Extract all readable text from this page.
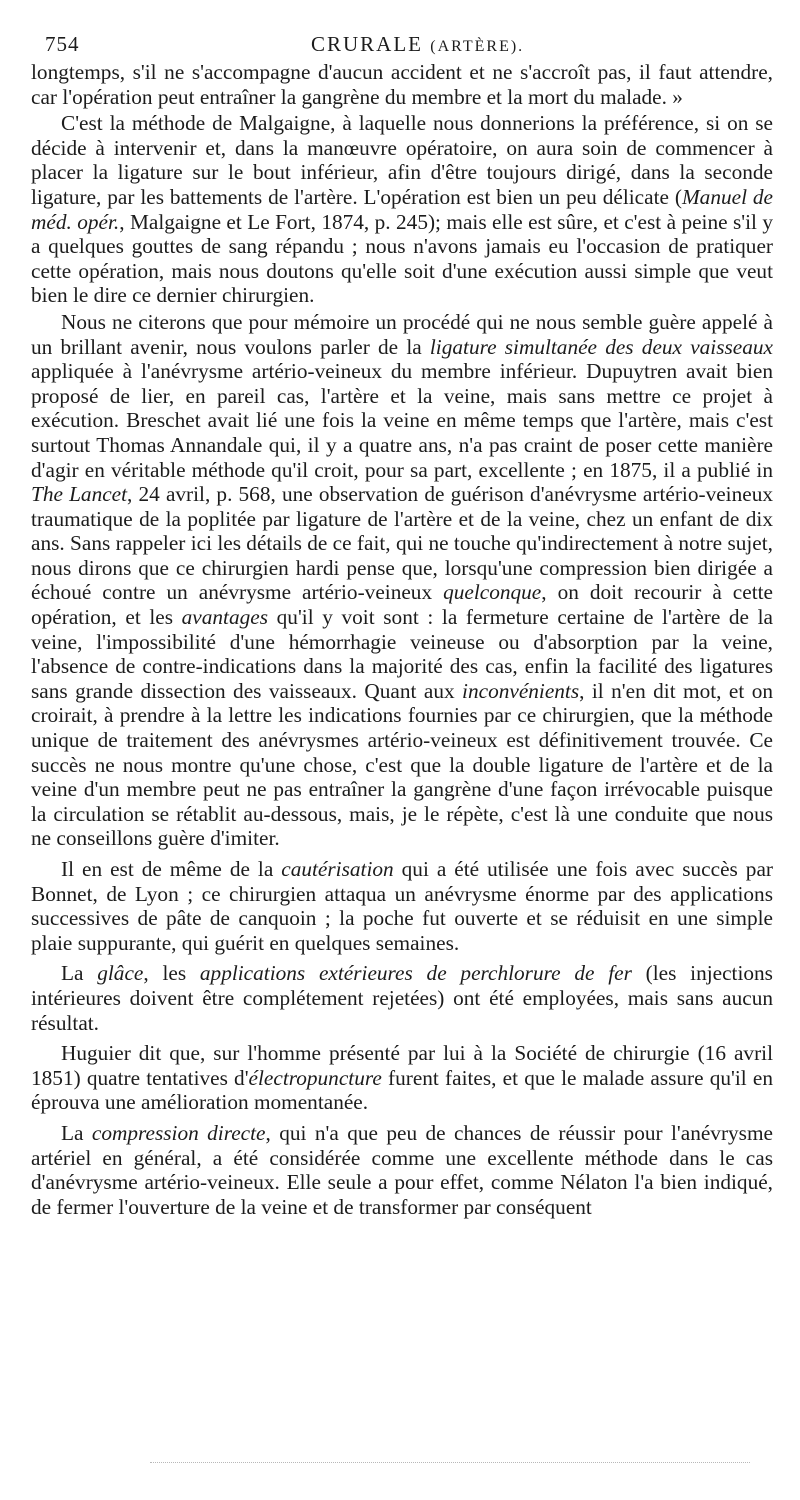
754	CRURALE (ARTÈRE).

longtemps, s'il ne s'accompagne d'aucun accident et ne s'accroît pas, il faut attendre, car l'opération peut entraîner la gangrène du membre et la mort du malade. »

C'est la méthode de Malgaigne, à laquelle nous donnerions la préférence, si on se décide à intervenir et, dans la manœuvre opératoire, on aura soin de commencer à placer la ligature sur le bout inférieur, afin d'être toujours dirigé, dans la seconde ligature, par les battements de l'artère. L'opération est bien un peu délicate (Manuel de méd. opér., Malgaigne et Le Fort, 1874, p. 245); mais elle est sûre, et c'est à peine s'il y a quelques gouttes de sang répandu ; nous n'avons jamais eu l'occasion de pratiquer cette opération, mais nous doutons qu'elle soit d'une exécution aussi simple que veut bien le dire ce dernier chirurgien.

Nous ne citerons que pour mémoire un procédé qui ne nous semble guère appelé à un brillant avenir, nous voulons parler de la ligature simultanée des deux vaisseaux appliquée à l'anévrysme artério-veineux du membre inférieur. Dupuytren avait bien proposé de lier, en pareil cas, l'artère et la veine, mais sans mettre ce projet à exécution. Breschet avait lié une fois la veine en même temps que l'artère, mais c'est surtout Thomas Annandale qui, il y a quatre ans, n'a pas craint de poser cette manière d'agir en véritable méthode qu'il croit, pour sa part, excellente ; en 1875, il a publié in The Lancet, 24 avril, p. 568, une observation de guérison d'anévrysme artério-veineux traumatique de la poplitée par ligature de l'artère et de la veine, chez un enfant de dix ans. Sans rappeler ici les détails de ce fait, qui ne touche qu'indirectement à notre sujet, nous dirons que ce chirurgien hardi pense que, lorsqu'une compression bien dirigée a échoué contre un anévrysme artério-veineux quelconque, on doit recourir à cette opération, et les avantages qu'il y voit sont : la fermeture certaine de l'artère de la veine, l'impossibilité d'une hémorrhagie veineuse ou d'absorption par la veine, l'absence de contre-indications dans la majorité des cas, enfin la facilité des ligatures sans grande dissection des vaisseaux. Quant aux inconvénients, il n'en dit mot, et on croirait, à prendre à la lettre les indications fournies par ce chirurgien, que la méthode unique de traitement des anévrysmes artério-veineux est définitivement trouvée. Ce succès ne nous montre qu'une chose, c'est que la double ligature de l'artère et de la veine d'un membre peut ne pas entraîner la gangrène d'une façon irrévocable puisque la circulation se rétablit au-dessous, mais, je le répète, c'est là une conduite que nous ne conseillons guère d'imiter.

Il en est de même de la cautérisation qui a été utilisée une fois avec succès par Bonnet, de Lyon ; ce chirurgien attaqua un anévrysme énorme par des applications successives de pâte de canquoin ; la poche fut ouverte et se réduisit en une simple plaie suppurante, qui guérit en quelques semaines.

La glâce, les applications extérieures de perchlorure de fer (les injections intérieures doivent être complétement rejetées) ont été employées, mais sans aucun résultat.

Huguier dit que, sur l'homme présenté par lui à la Société de chirurgie (16 avril 1851) quatre tentatives d'électropuncture furent faites, et que le malade assure qu'il en éprouva une amélioration momentanée.

La compression directe, qui n'a que peu de chances de réussir pour l'anévrysme artériel en général, a été considérée comme une excellente méthode dans le cas d'anévrysme artério-veineux. Elle seule a pour effet, comme Nélaton l'a bien indiqué, de fermer l'ouverture de la veine et de transformer par conséquent
